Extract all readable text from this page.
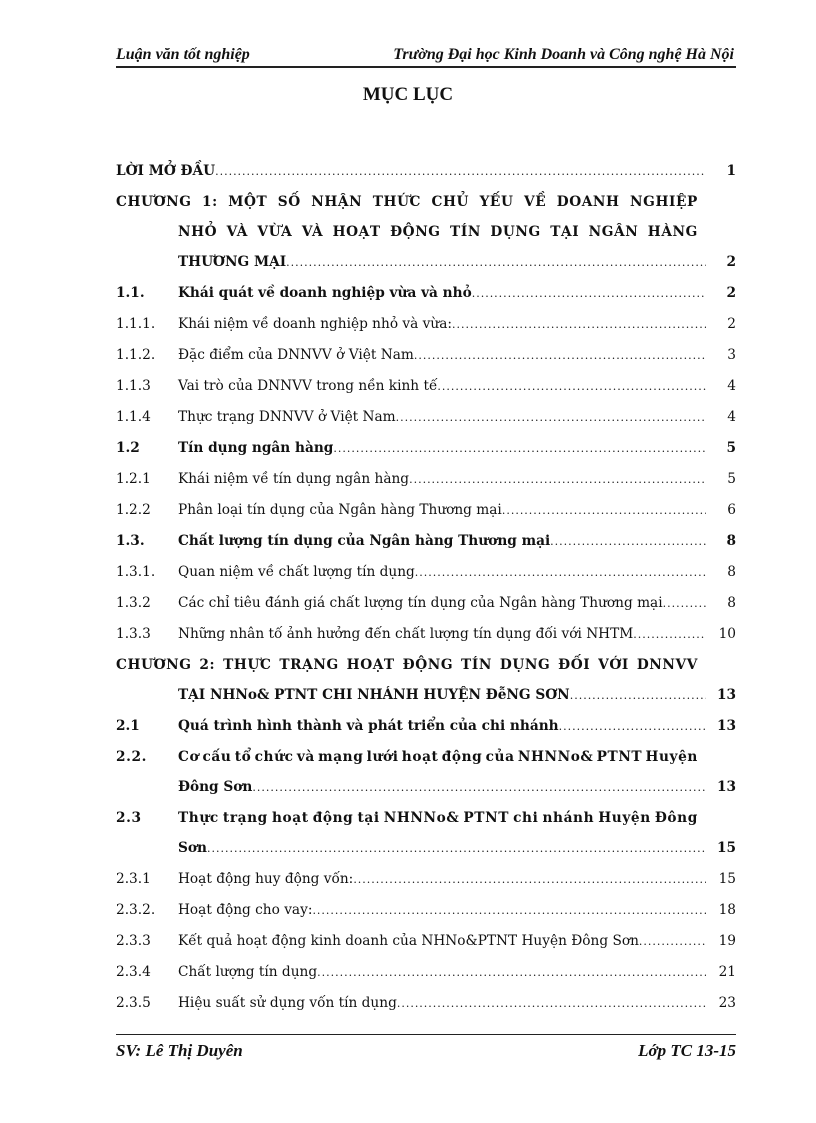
Luận văn tốt nghiệp	Trường Đại học Kinh Doanh và Công nghệ Hà Nội
MỤC LỤC
LỜI MỞ ĐẦU .....	1
CHƯƠNG 1: MỘT SỐ NHẬN THỨC CHỦ YẾU VỀ DOANH NGHIỆP
NHỎ VÀ VỪA VÀ HOẠT ĐỘNG TÍN DỤNG TẠI NGÂN HÀNG
THƯƠNG MẠI .....	2
1.1.	Khái quát về doanh nghiệp vừa và nhỏ .....	2
1.1.1.	Khái niệm về doanh nghiệp nhỏ và vừa: .....	2
1.1.2.	Đặc điểm của DNNVV ở Việt Nam .....	3
1.1.3	Vai trò của DNNVV trong nền kinh tế .....	4
1.1.4	Thực trạng DNNVV ở Việt Nam .....	4
1.2	Tín dụng ngân hàng .....	5
1.2.1	Khái niệm về tín dụng ngân hàng .....	5
1.2.2	Phân loại tín dụng của Ngân hàng Thương mại .....	6
1.3.	Chất lượng tín dụng của Ngân hàng Thương mại .....	8
1.3.1.	Quan niệm về chất lượng tín dụng .....	8
1.3.2	Các chỉ tiêu đánh giá chất lượng tín dụng của Ngân hàng Thương mại .....	8
1.3.3	Những nhân tố ảnh hưởng đến chất lượng tín dụng đối với NHTM .....	10
CHƯƠNG 2: THỰC TRẠNG HOẠT ĐỘNG TÍN DỤNG ĐỐI VỚI DNNVV
TẠI NHNo& PTNT CHI NHÁNH HUYỆN ĐễNG SƠN .....	13
2.1	Quá trình hình thành và phát triển của chi nhánh .....	13
2.2.	Cơ cấu tổ chức và mạng lưới hoạt động của NHNNo& PTNT Huyện
Đông Sơn .....	13
2.3	Thực trạng hoạt động tại NHNNo& PTNT chi nhánh Huyện Đông
Sơn .....	15
2.3.1	Hoạt động huy động vốn: .....	15
2.3.2.	Hoạt động cho vay: .....	18
2.3.3	Kết quả hoạt động kinh doanh của NHNo&PTNT Huyện Đông Sơn .....	19
2.3.4	Chất lượng tín dụng .....	21
2.3.5	Hiệu suất sử dụng vốn tín dụng .....	23
SV: Lê Thị Duyên	Lớp TC 13-15
